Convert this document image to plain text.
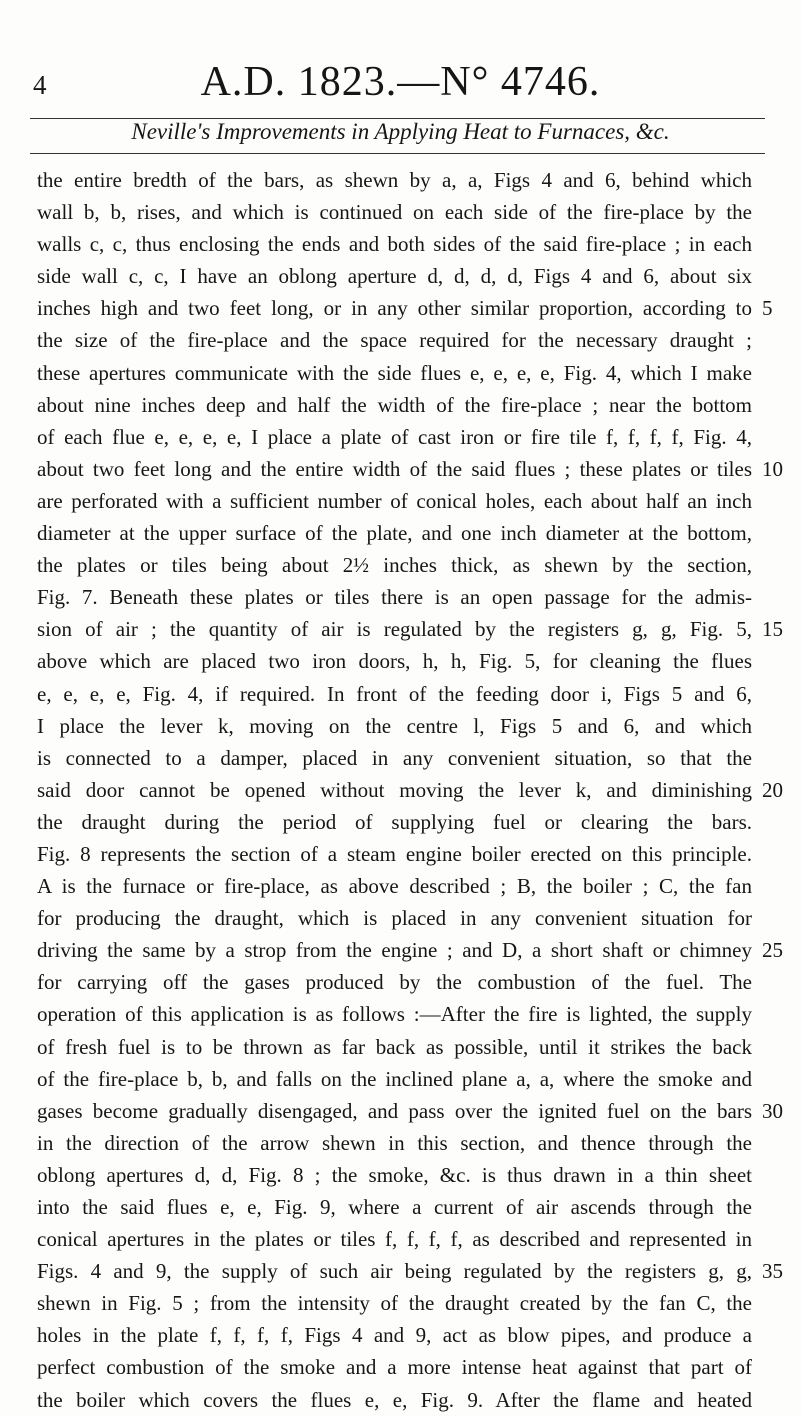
4	A.D. 1823.—N° 4746.
Neville's Improvements in Applying Heat to Furnaces, &c.
the entire bredth of the bars, as shewn by a, a, Figs 4 and 6, behind which
wall b, b, rises, and which is continued on each side of the fire-place by the
walls c, c, thus enclosing the ends and both sides of the said fire-place ; in each
side wall c, c, I have an oblong aperture d, d, d, d, Figs 4 and 6, about six
inches high and two feet long, or in any other similar proportion, according to
the size of the fire-place and the space required for the necessary draught ;
these apertures communicate with the side flues e, e, e, e, Fig. 4, which I make
about nine inches deep and half the width of the fire-place ; near the bottom
of each flue e, e, e, e, I place a plate of cast iron or fire tile f, f, f, f, Fig. 4,
about two feet long and the entire width of the said flues ; these plates or tiles
are perforated with a sufficient number of conical holes, each about half an inch
diameter at the upper surface of the plate, and one inch diameter at the bottom,
the plates or tiles being about 2½ inches thick, as shewn by the section,
Fig. 7. Beneath these plates or tiles there is an open passage for the admis-
sion of air ; the quantity of air is regulated by the registers g, g, Fig. 5,
above which are placed two iron doors, h, h, Fig. 5, for cleaning the flues
e, e, e, e, Fig. 4, if required. In front of the feeding door i, Figs 5 and 6,
I place the lever k, moving on the centre l, Figs 5 and 6, and which
is connected to a damper, placed in any convenient situation, so that the
said door cannot be opened without moving the lever k, and diminishing
the draught during the period of supplying fuel or clearing the bars.
Fig. 8 represents the section of a steam engine boiler erected on this principle.
A is the furnace or fire-place, as above described ; B, the boiler ; C, the fan
for producing the draught, which is placed in any convenient situation for
driving the same by a strop from the engine ; and D, a short shaft or chimney
for carrying off the gases produced by the combustion of the fuel. The
operation of this application is as follows :—After the fire is lighted, the supply
of fresh fuel is to be thrown as far back as possible, until it strikes the back
of the fire-place b, b, and falls on the inclined plane a, a, where the smoke and
gases become gradually disengaged, and pass over the ignited fuel on the bars
in the direction of the arrow shewn in this section, and thence through the
oblong apertures d, d, Fig. 8 ; the smoke, &c. is thus drawn in a thin sheet
into the said flues e, e, Fig. 9, where a current of air ascends through the
conical apertures in the plates or tiles f, f, f, f, as described and represented in
Figs. 4 and 9, the supply of such air being regulated by the registers g, g,
shewn in Fig. 5 ; from the intensity of the draught created by the fan C, the
holes in the plate f, f, f, f, Figs 4 and 9, act as blow pipes, and produce a
perfect combustion of the smoke and a more intense heat against that part of
the boiler which covers the flues e, e, Fig. 9. After the flame and heated
5
10
15
20
25
30
35
